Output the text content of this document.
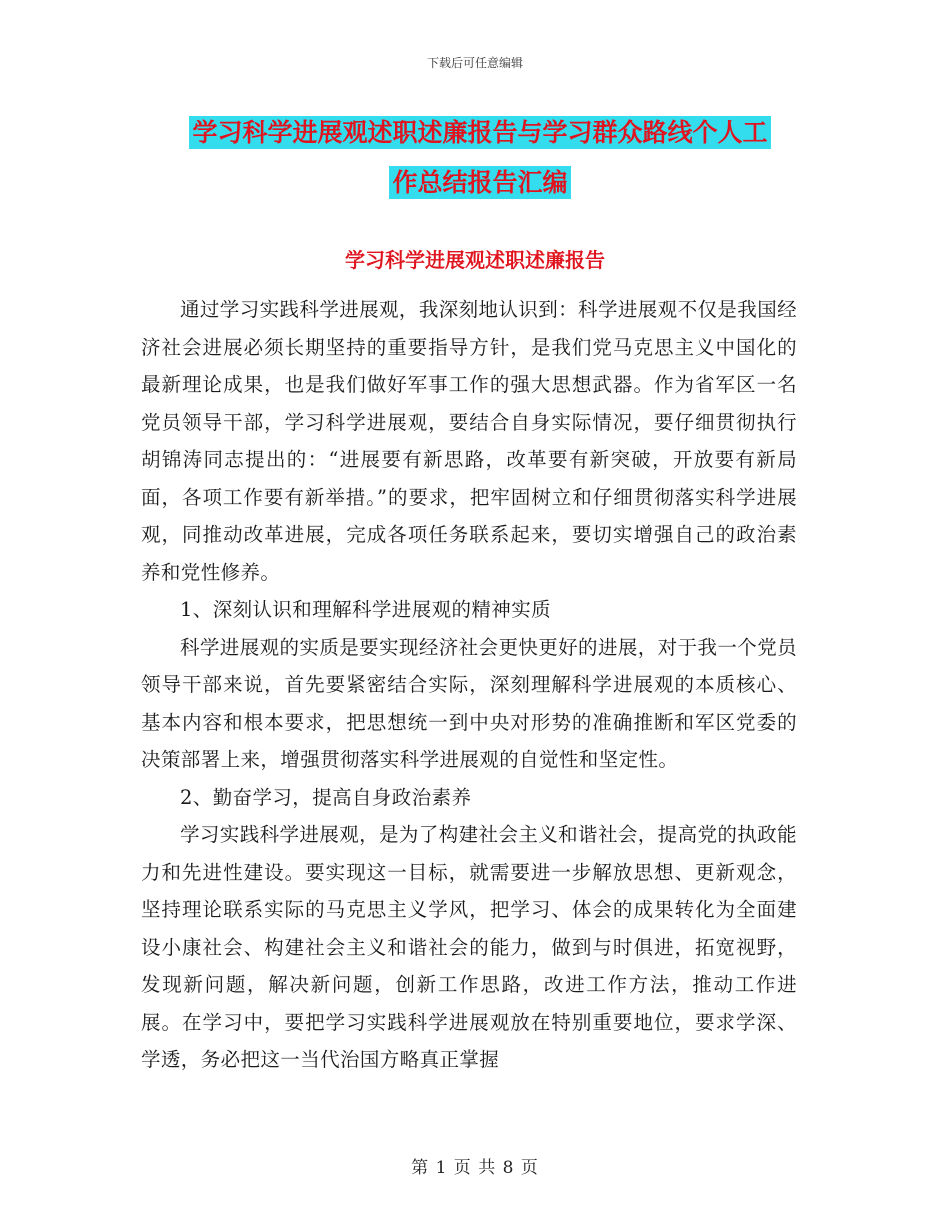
下载后可任意编辑
学习科学进展观述职述廉报告与学习群众路线个人工
作总结报告汇编
学习科学进展观述职述廉报告

通过学习实践科学进展观，我深刻地认识到：科学进展观不仅是我国经济社会进展必须长期坚持的重要指导方针，是我们党马克思主义中国化的最新理论成果，也是我们做好军事工作的强大思想武器。作为省军区一名党员领导干部，学习科学进展观，要结合自身实际情况，要仔细贯彻执行胡锦涛同志提出的：“进展要有新思路，改革要有新突破，开放要有新局面，各项工作要有新举措。”的要求，把牢固树立和仔细贯彻落实科学进展观，同推动改革进展，完成各项任务联系起来，要切实增强自己的政治素养和党性修养。

1、深刻认识和理解科学进展观的精神实质

科学进展观的实质是要实现经济社会更快更好的进展，对于我一个党员领导干部来说，首先要紧密结合实际，深刻理解科学进展观的本质核心、基本内容和根本要求，把思想统一到中央对形势的准确推断和军区党委的决策部署上来，增强贯彻落实科学进展观的自觉性和坚定性。

2、勤奋学习，提高自身政治素养

学习实践科学进展观，是为了构建社会主义和谐社会，提高党的执政能力和先进性建设。要实现这一目标，就需要进一步解放思想、更新观念，坚持理论联系实际的马克思主义学风，把学习、体会的成果转化为全面建设小康社会、构建社会主义和谐社会的能力，做到与时俱进，拓宽视野，发现新问题，解决新问题，创新工作思路，改进工作方法，推动工作进展。在学习中，要把学习实践科学进展观放在特别重要地位，要求学深、学透，务必把这一当代治国方略真正掌握

第 1 页 共 8 页
